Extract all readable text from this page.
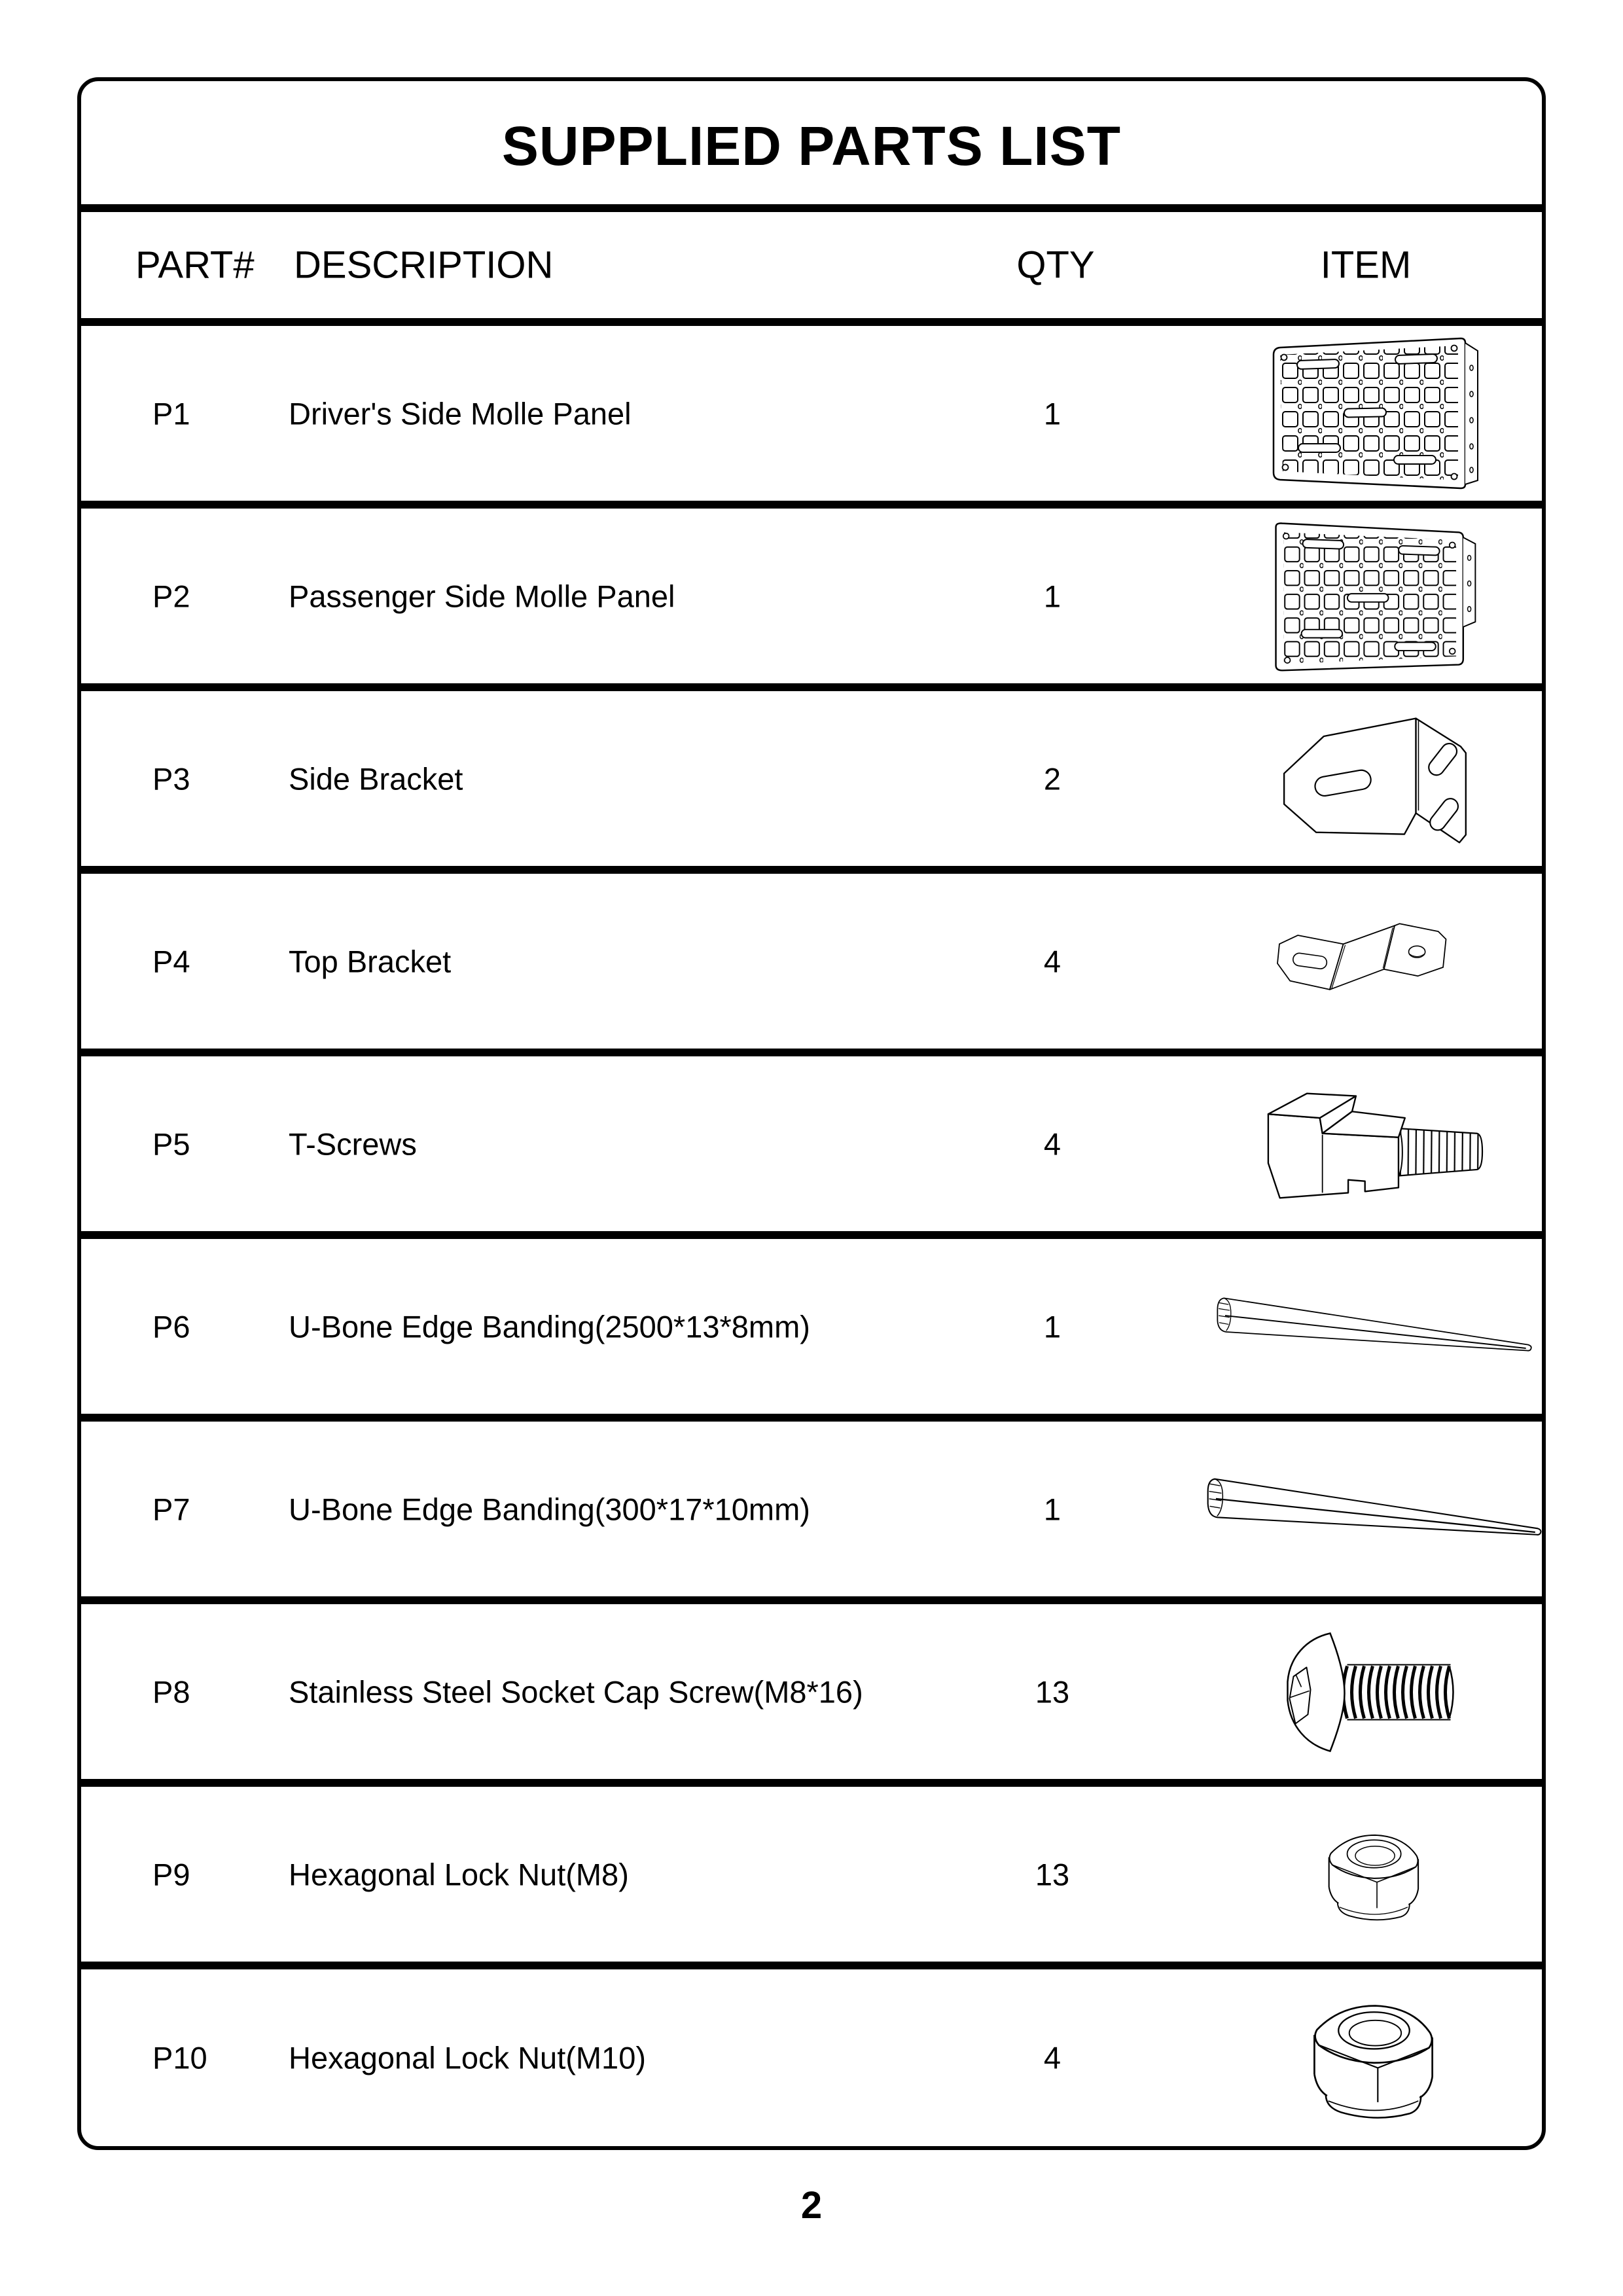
SUPPLIED PARTS LIST
PART# DESCRIPTION	QTY	ITEM
P1	Driver's Side Molle Panel	1
P2	Passenger Side Molle Panel	1
P3	Side Bracket	2
P4	Top Bracket	4
P5	T-Screws	4
P6	U-Bone Edge Banding(2500*13*8mm)	1
P7	U-Bone Edge Banding(300*17*10mm)	1
P8	Stainless Steel Socket Cap Screw(M8*16)	13
P9	Hexagonal Lock Nut(M8)	13
P10	Hexagonal Lock Nut(M10)	4
2
